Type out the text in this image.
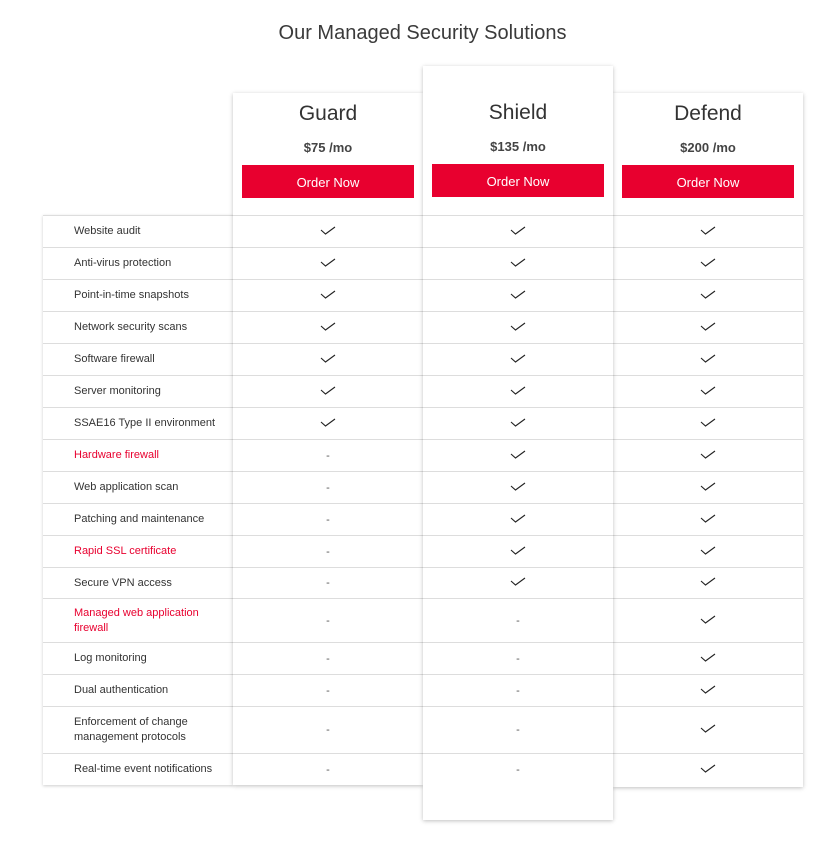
Our Managed Security Solutions
Website audit
Anti-virus protection
Point-in-time snapshots
Network security scans
Software firewall
Server monitoring
SSAE16 Type II environment
Hardware firewall
Web application scan
Patching and maintenance
Rapid SSL certificate
Secure VPN access
Managed web application firewall
Log monitoring
Dual authentication
Enforcement of change management protocols
Real-time event notifications
Guard
$75 /mo
Order Now
-
-
-
-
-
-
-
-
-
-
Shield
$135 /mo
Order Now
-
-
-
-
-
Defend
$200 /mo
Order Now
